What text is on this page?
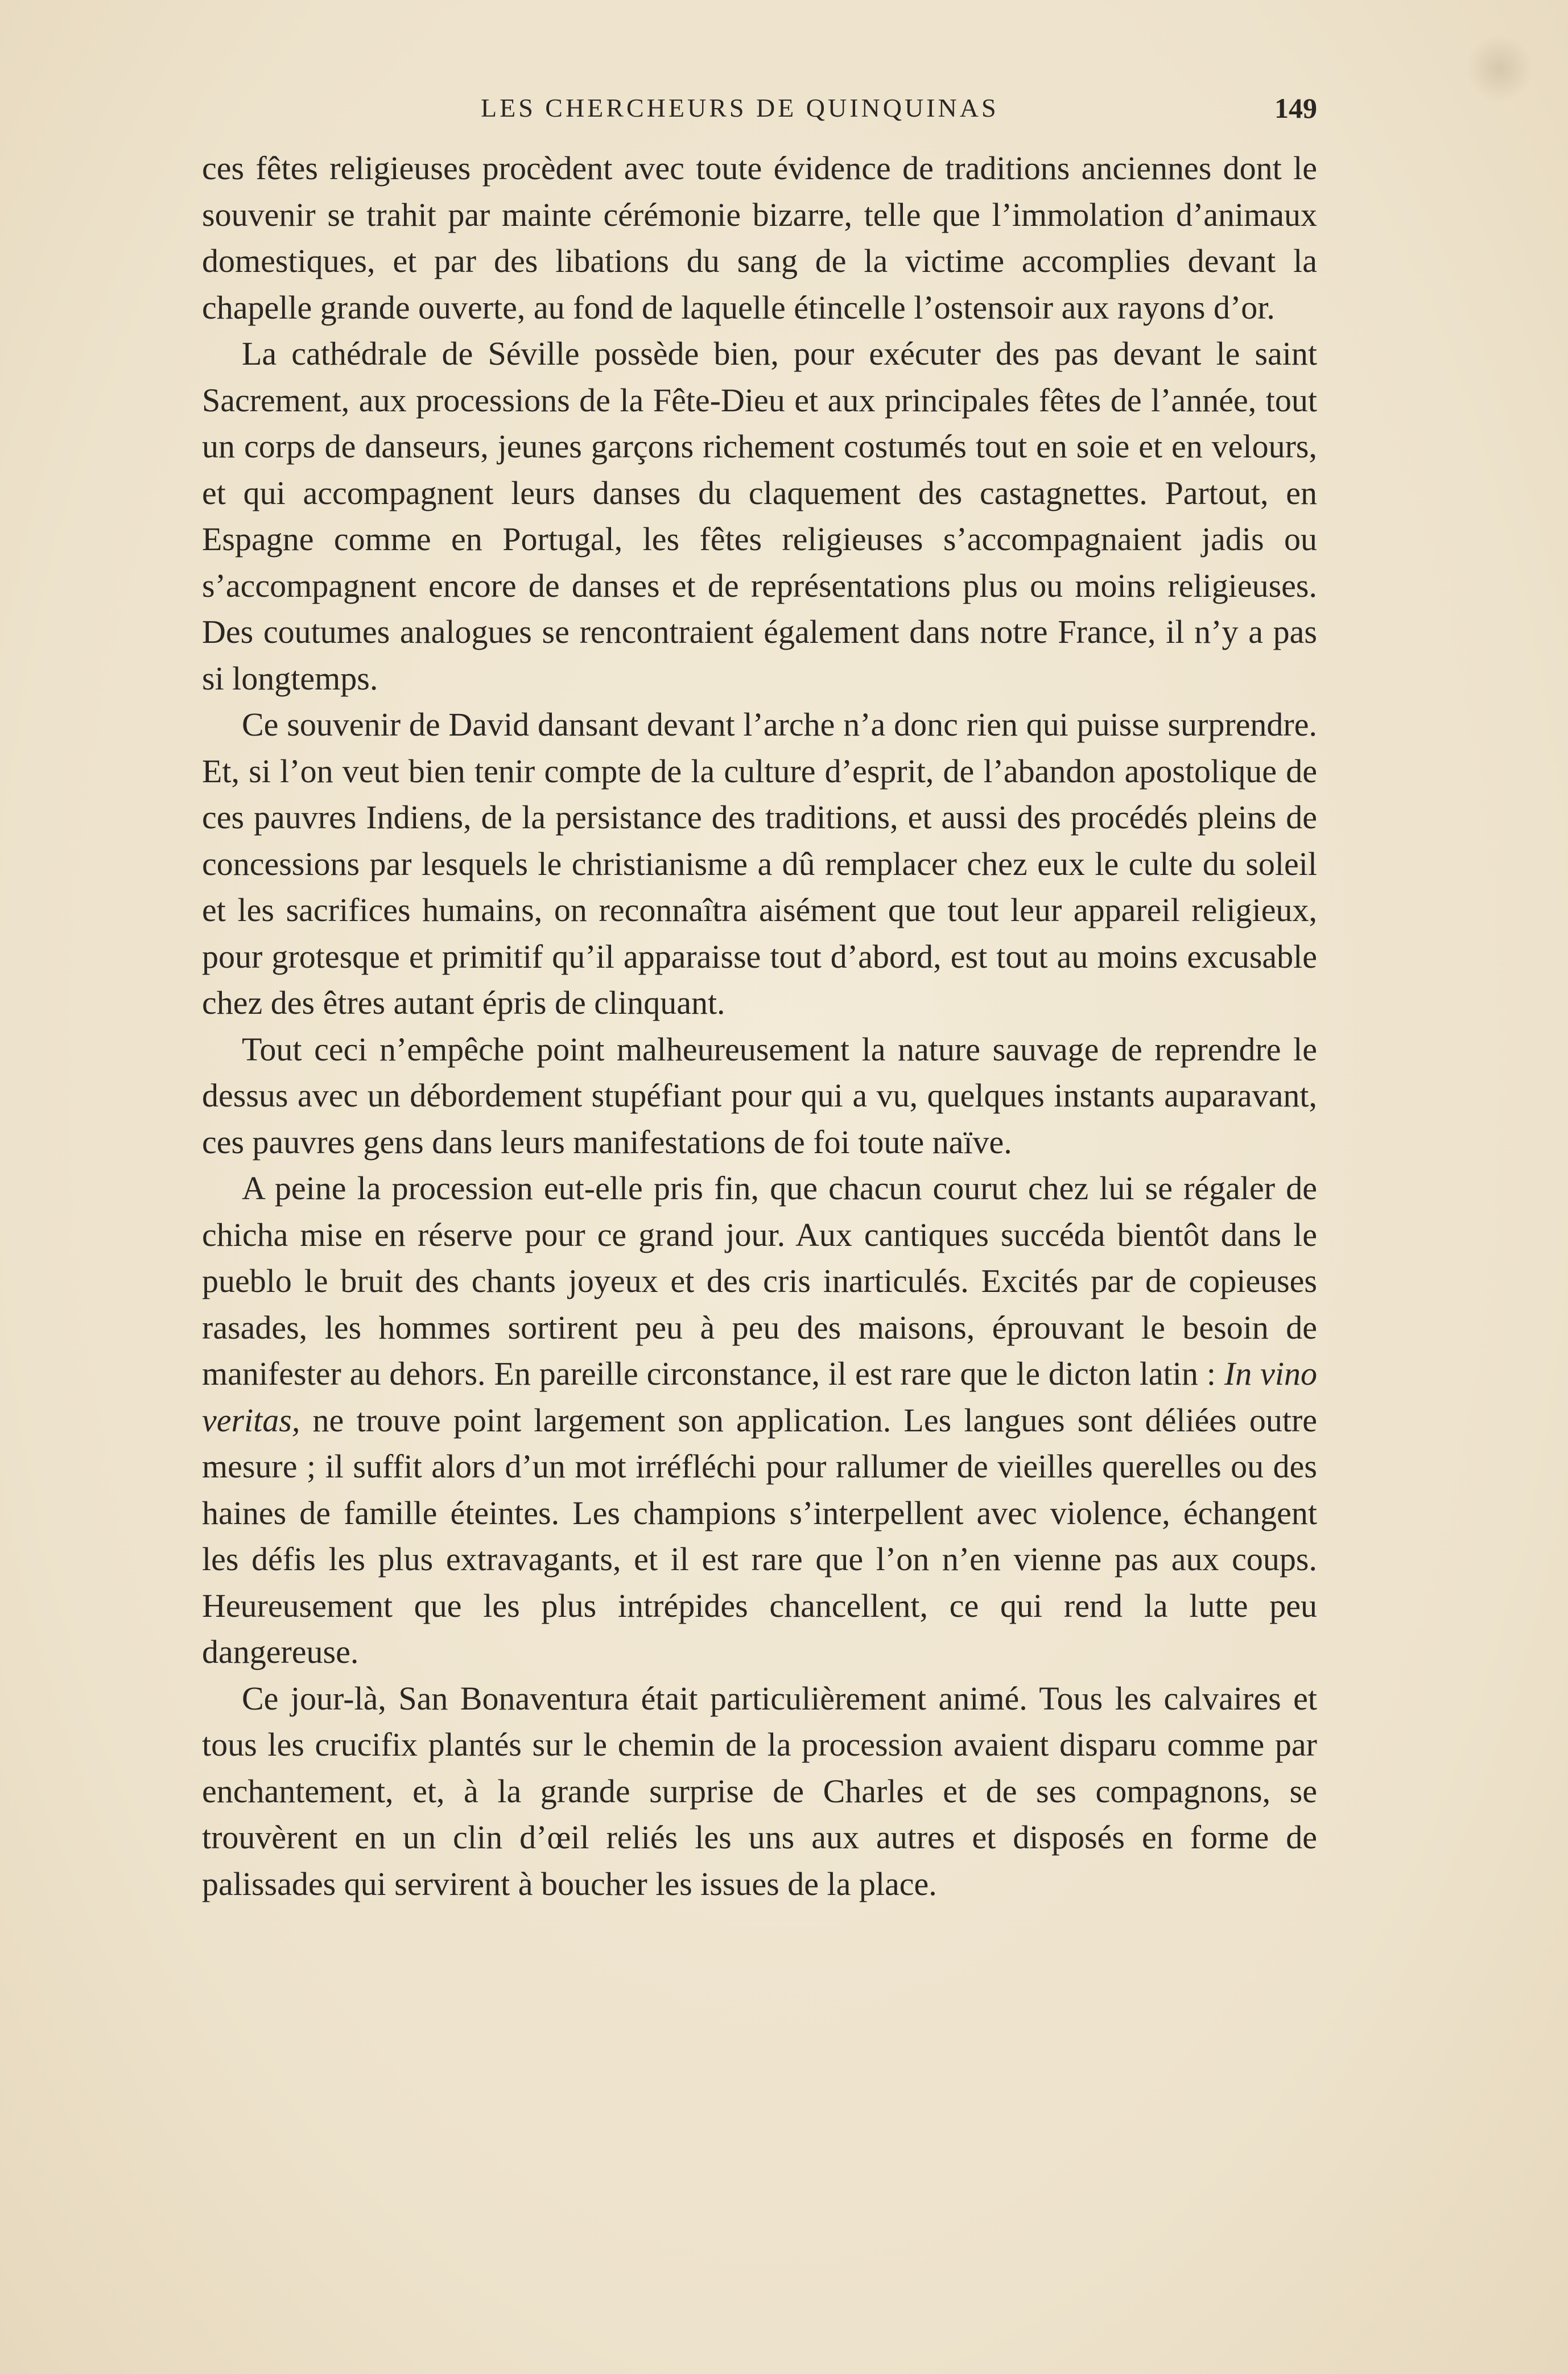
LES CHERCHEURS DE QUINQUINAS	149

ces fêtes religieuses procèdent avec toute évidence de traditions anciennes dont le souvenir se trahit par mainte cérémonie bizarre, telle que l’immolation d’animaux domestiques, et par des libations du sang de la victime accomplies devant la chapelle grande ouverte, au fond de laquelle étincelle l’ostensoir aux rayons d’or.

La cathédrale de Séville possède bien, pour exécuter des pas devant le saint Sacrement, aux processions de la Fête-Dieu et aux principales fêtes de l’année, tout un corps de danseurs, jeunes garçons richement costumés tout en soie et en velours, et qui accompagnent leurs danses du claquement des castagnettes. Partout, en Espagne comme en Portugal, les fêtes religieuses s’accompagnaient jadis ou s’accompagnent encore de danses et de représentations plus ou moins religieuses. Des coutumes analogues se rencontraient également dans notre France, il n’y a pas si longtemps.

Ce souvenir de David dansant devant l’arche n’a donc rien qui puisse surprendre. Et, si l’on veut bien tenir compte de la culture d’esprit, de l’abandon apostolique de ces pauvres Indiens, de la persistance des traditions, et aussi des procédés pleins de concessions par lesquels le christianisme a dû remplacer chez eux le culte du soleil et les sacrifices humains, on reconnaîtra aisément que tout leur appareil religieux, pour grotesque et primitif qu’il apparaisse tout d’abord, est tout au moins excusable chez des êtres autant épris de clinquant.

Tout ceci n’empêche point malheureusement la nature sauvage de reprendre le dessus avec un débordement stupéfiant pour qui a vu, quelques instants auparavant, ces pauvres gens dans leurs manifestations de foi toute naïve.

A peine la procession eut-elle pris fin, que chacun courut chez lui se régaler de chicha mise en réserve pour ce grand jour. Aux cantiques succéda bientôt dans le pueblo le bruit des chants joyeux et des cris inarticulés. Excités par de copieuses rasades, les hommes sortirent peu à peu des maisons, éprouvant le besoin de manifester au dehors. En pareille circonstance, il est rare que le dicton latin : In vino veritas, ne trouve point largement son application. Les langues sont déliées outre mesure ; il suffit alors d’un mot irréfléchi pour rallumer de vieilles querelles ou des haines de famille éteintes. Les champions s’interpellent avec violence, échangent les défis les plus extravagants, et il est rare que l’on n’en vienne pas aux coups. Heureusement que les plus intrépides chancellent, ce qui rend la lutte peu dangereuse.

Ce jour-là, San Bonaventura était particulièrement animé. Tous les calvaires et tous les crucifix plantés sur le chemin de la procession avaient disparu comme par enchantement, et, à la grande surprise de Charles et de ses compagnons, se trouvèrent en un clin d’œil reliés les uns aux autres et disposés en forme de palissades qui servirent à boucher les issues de la place.
